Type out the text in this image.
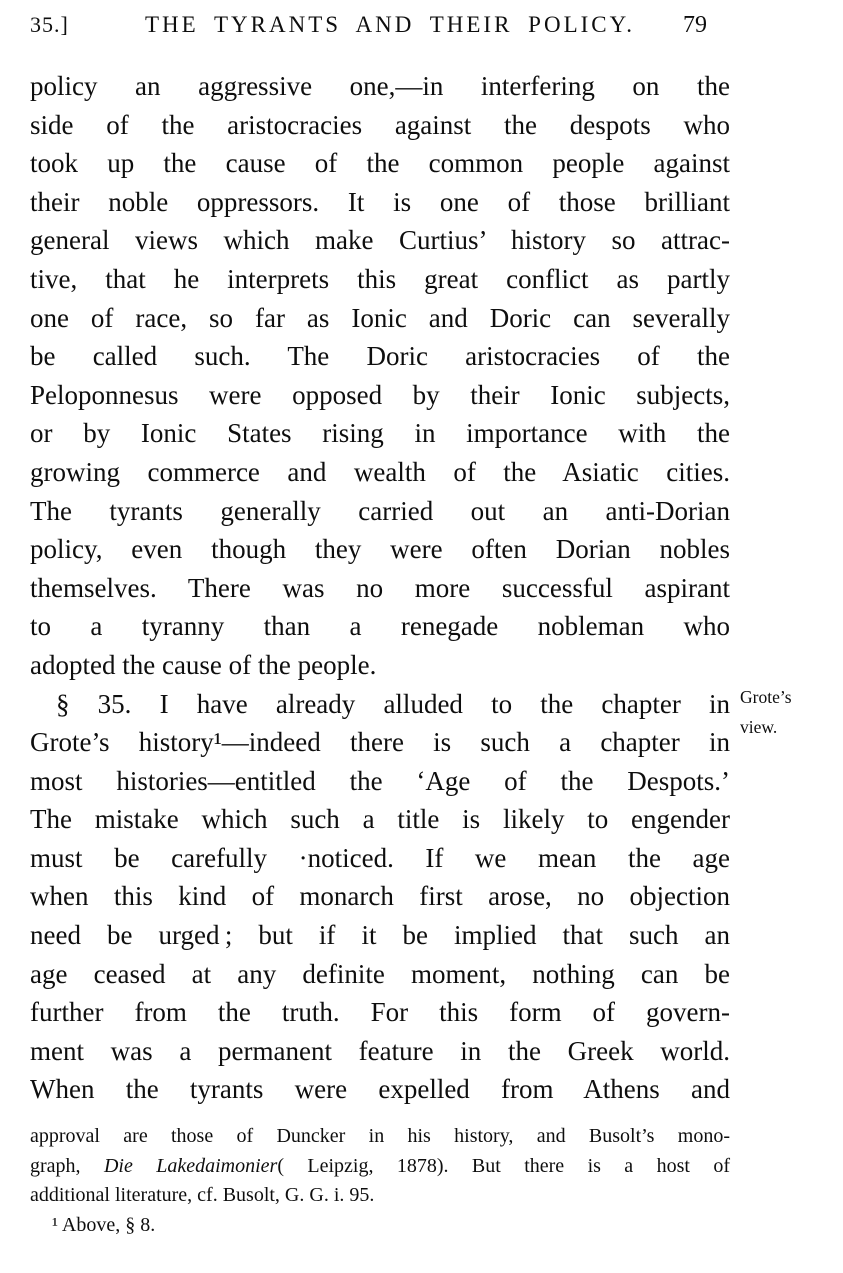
35.]	THE TYRANTS AND THEIR POLICY.	79
policy an aggressive one,—in interfering on the
side of the aristocracies against the despots who
took up the cause of the common people against
their noble oppressors. It is one of those brilliant
general views which make Curtius’ history so attrac-
tive, that he interprets this great conflict as partly
one of race, so far as Ionic and Doric can severally
be called such. The Doric aristocracies of the
Peloponnesus were opposed by their Ionic subjects,
or by Ionic States rising in importance with the
growing commerce and wealth of the Asiatic cities.
The tyrants generally carried out an anti-Dorian
policy, even though they were often Dorian nobles
themselves. There was no more successful aspirant
to a tyranny than a renegade nobleman who
adopted the cause of the people.
§ 35. I have already alluded to the chapter in
Grote’s history¹—indeed there is such a chapter in
most histories—entitled the ‘Age of the Despots.’
The mistake which such a title is likely to engender
must be carefully ·noticed. If we mean the age
when this kind of monarch first arose, no objection
need be urged ; but if it be implied that such an
age ceased at any definite moment, nothing can be
further from the truth. For this form of govern-
ment was a permanent feature in the Greek world.
When the tyrants were expelled from Athens and
Grote’s
view.
approval are those of Duncker in his history, and Busolt’s mono-
graph, Die Lakedaimonier( Leipzig, 1878). But there is a host of
additional literature, cf. Busolt, G. G. i. 95.
¹ Above, § 8.
